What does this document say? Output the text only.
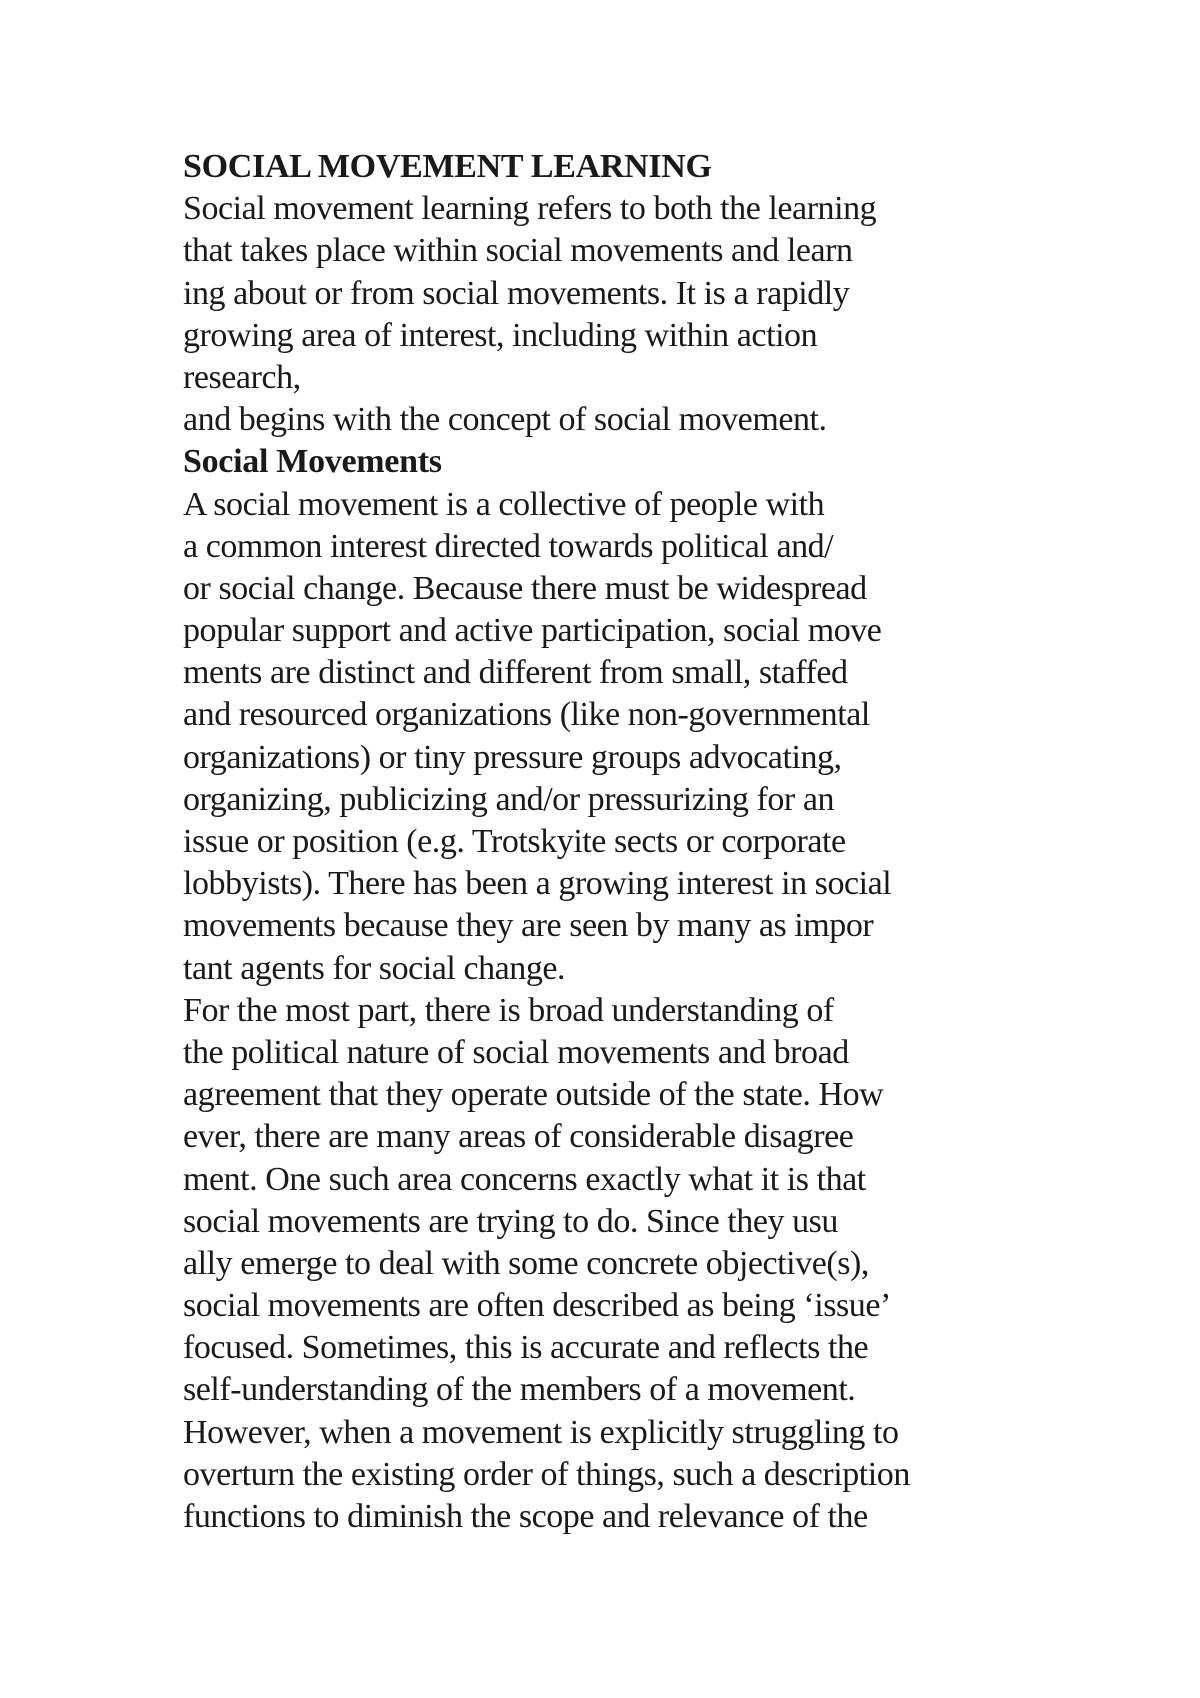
SOCIAL MOVEMENT LEARNING
Social movement learning refers to both the learning
that takes place within social movements and learn
ing about or from social movements. It is a rapidly
growing area of interest, including within action
research,
and begins with the concept of social movement.
Social Movements
A social movement is a collective of people with
a common interest directed towards political and/
or social change. Because there must be widespread
popular support and active participation, social move
ments are distinct and different from small, staffed
and resourced organizations (like non-governmental
organizations) or tiny pressure groups advocating,
organizing, publicizing and/or pressurizing for an
issue or position (e.g. Trotskyite sects or corporate
lobbyists). There has been a growing interest in social
movements because they are seen by many as impor
tant agents for social change.
For the most part, there is broad understanding of
the political nature of social movements and broad
agreement that they operate outside of the state. How
ever, there are many areas of considerable disagree
ment. One such area concerns exactly what it is that
social movements are trying to do. Since they usu
ally emerge to deal with some concrete objective(s),
social movements are often described as being ‘issue’
focused. Sometimes, this is accurate and reflects the
self-understanding of the members of a movement.
However, when a movement is explicitly struggling to
overturn the existing order of things, such a description
functions to diminish the scope and relevance of the
